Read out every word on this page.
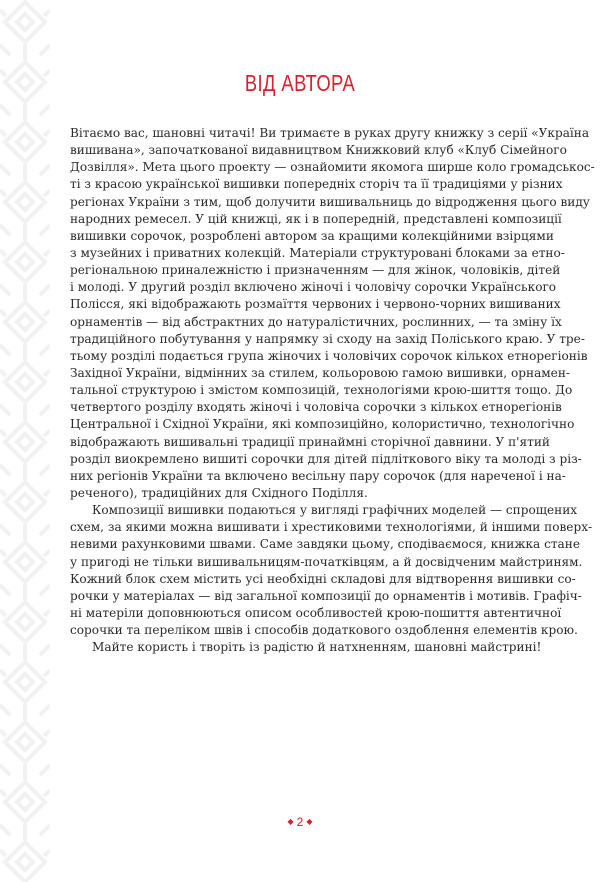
ВІД АВТОРА
Вітаємо вас, шановні читачі! Ви тримаєте в руках другу книжку з серії «Україна
вишивана», започаткованої видавництвом Книжковий клуб «Клуб Сімейного
Дозвілля». Мета цього проекту — ознайомити якомога ширше коло громадськос-
ті з красою української вишивки попередніх сторіч та її традиціями у різних
регіонах України з тим, щоб долучити вишивальниць до відродження цього виду
народних ремесел. У цій книжці, як і в попередній, представлені композиції
вишивки сорочок, розроблені автором за кращими колекційними взірцями
з музейних і приватних колекцій. Матеріали структуровані блоками за етно-
регіональною приналежністю і призначенням — для жінок, чоловіків, дітей
і молоді. У другий розділ включено жіночі і чоловічу сорочки Українського
Полісся, які відображають розмаїття червоних і червоно-чорних вишиваних
орнаментів — від абстрактних до натуралістичних, рослинних, — та зміну їх
традиційного побутування у напрямку зі сходу на захід Поліського краю. У тре-
тьому розділі подається група жіночих і чоловічих сорочок кількох етнорегіонів
Західної України, відмінних за стилем, кольоровою гамою вишивки, орнамен-
тальної структурою і змістом композицій, технологіями крою-шиття тощо. До
четвертого розділу входять жіночі і чоловіча сорочки з кількох етнорегіонів
Центральної і Східної України, які композиційно, колористично, технологічно
відображають вишивальні традиції принаймні сторічної давнини. У п'ятий
розділ виокремлено вишиті сорочки для дітей підліткового віку та молоді з різ-
них регіонів України та включено весільну пару сорочок (для нареченої і на-
реченого), традиційних для Східного Поділля.
Композиції вишивки подаються у вигляді графічних моделей — спрощених
схем, за якими можна вишивати і хрестиковими технологіями, й іншими поверх-
невими рахунковими швами. Саме завдяки цьому, сподіваємося, книжка стане
у пригоді не тільки вишивальницям-початківцям, а й досвідченим майстриням.
Кожний блок схем містить усі необхідні складові для відтворення вишивки со-
рочки у матеріалах — від загальної композиції до орнаментів і мотивів. Графіч-
ні матеріли доповнюються описом особливостей крою-пошиття автентичної
сорочки та переліком швів і способів додаткового оздоблення елементів крою.
Майте користь і творіть із радістю й натхненням, шановні майстрині!
◆ 2 ◆
